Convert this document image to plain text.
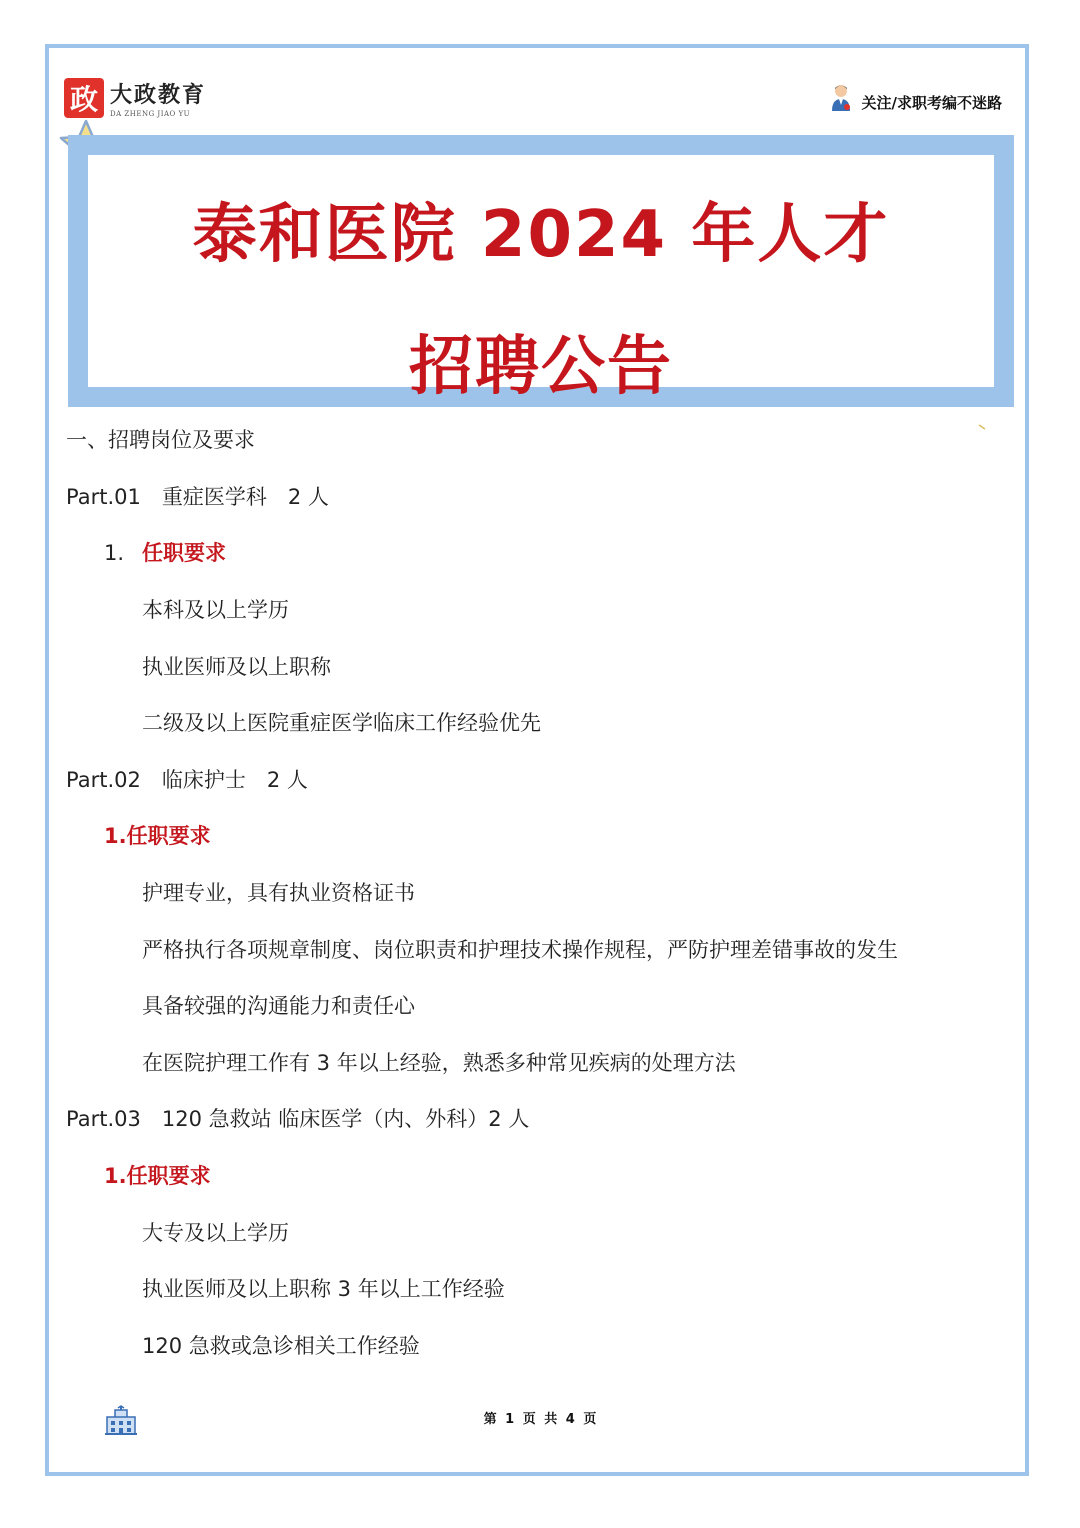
政 大政教育
DA ZHENG JIAO YU
关注/求职考编不迷路
泰和医院 2024 年人才
招聘公告
一、招聘岗位及要求
Part.01　重症医学科　2 人
1. 任职要求
本科及以上学历
执业医师及以上职称
二级及以上医院重症医学临床工作经验优先
Part.02　临床护士　2 人
1.任职要求
护理专业，具有执业资格证书
严格执行各项规章制度、岗位职责和护理技术操作规程，严防护理差错事故的发生
具备较强的沟通能力和责任心
在医院护理工作有 3 年以上经验，熟悉多种常见疾病的处理方法
Part.03　120 急救站 临床医学（内、外科）2 人
1.任职要求
大专及以上学历
执业医师及以上职称 3 年以上工作经验
120 急救或急诊相关工作经验
第 1 页 共 4 页
